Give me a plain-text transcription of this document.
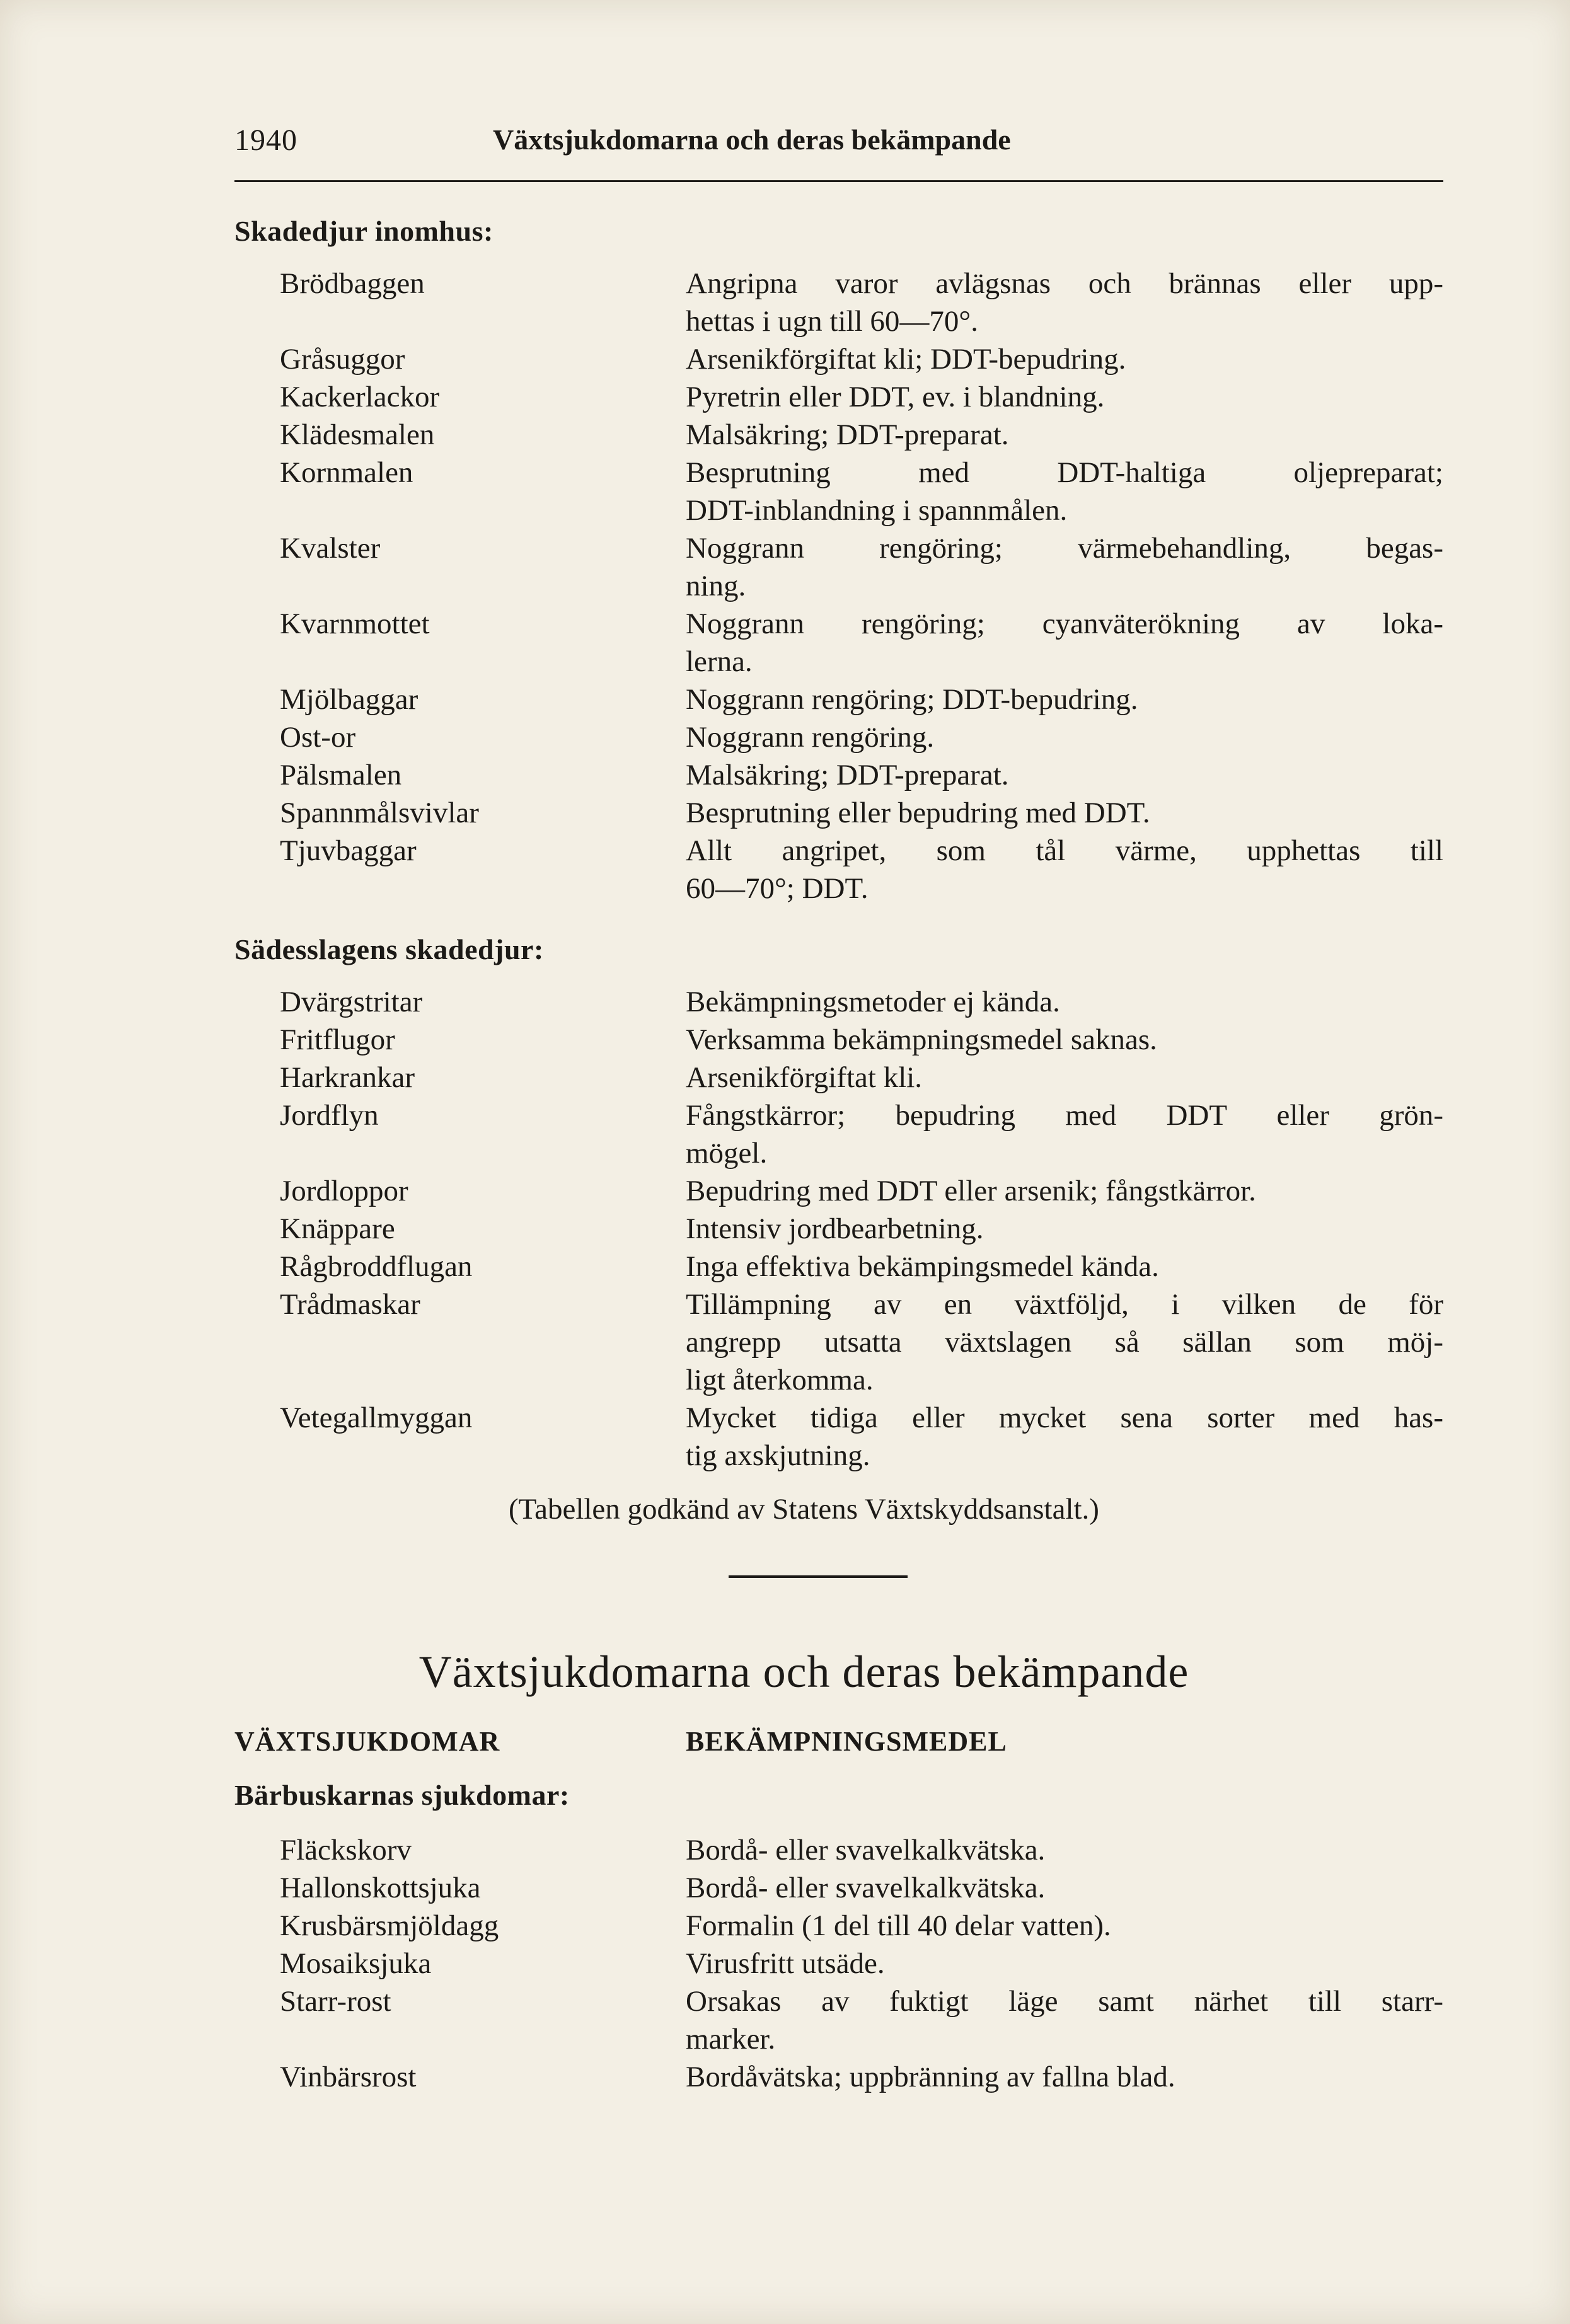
1940	Växtsjukdomarna och deras bekämpande
Skadedjur inomhus:
Brödbaggen	Angripna varor avlägsnas och brännas eller upp-
hettas i ugn till 60—70°.
Gråsuggor	Arsenikförgiftat kli; DDT-bepudring.
Kackerlackor	Pyretrin eller DDT, ev. i blandning.
Klädesmalen	Malsäkring; DDT-preparat.
Kornmalen	Besprutning med DDT-haltiga oljepreparat;
DDT-inblandning i spannmålen.
Kvalster	Noggrann rengöring; värmebehandling, begas-
ning.
Kvarnmottet	Noggrann rengöring; cyanväterökning av loka-
lerna.
Mjölbaggar	Noggrann rengöring; DDT-bepudring.
Ost-or	Noggrann rengöring.
Pälsmalen	Malsäkring; DDT-preparat.
Spannmålsvivlar	Besprutning eller bepudring med DDT.
Tjuvbaggar	Allt angripet, som tål värme, upphettas till
60—70°; DDT.
Sädesslagens skadedjur:
Dvärgstritar	Bekämpningsmetoder ej kända.
Fritflugor	Verksamma bekämpningsmedel saknas.
Harkrankar	Arsenikförgiftat kli.
Jordflyn	Fångstkärror; bepudring med DDT eller grön-
mögel.
Jordloppor	Bepudring med DDT eller arsenik; fångstkärror.
Knäppare	Intensiv jordbearbetning.
Rågbroddflugan	Inga effektiva bekämpingsmedel kända.
Trådmaskar	Tillämpning av en växtföljd, i vilken de för
angrepp utsatta växtslagen så sällan som möj-
ligt återkomma.
Vetegallmyggan	Mycket tidiga eller mycket sena sorter med has-
tig axskjutning.
(Tabellen godkänd av Statens Växtskyddsanstalt.)
Växtsjukdomarna och deras bekämpande
VÄXTSJUKDOMAR	BEKÄMPNINGSMEDEL
Bärbuskarnas sjukdomar:
Fläckskorv	Bordå- eller svavelkalkvätska.
Hallonskottsjuka	Bordå- eller svavelkalkvätska.
Krusbärsmjöldagg	Formalin (1 del till 40 delar vatten).
Mosaiksjuka	Virusfritt utsäde.
Starr-rost	Orsakas av fuktigt läge samt närhet till starr-
marker.
Vinbärsrost	Bordåvätska; uppbränning av fallna blad.
